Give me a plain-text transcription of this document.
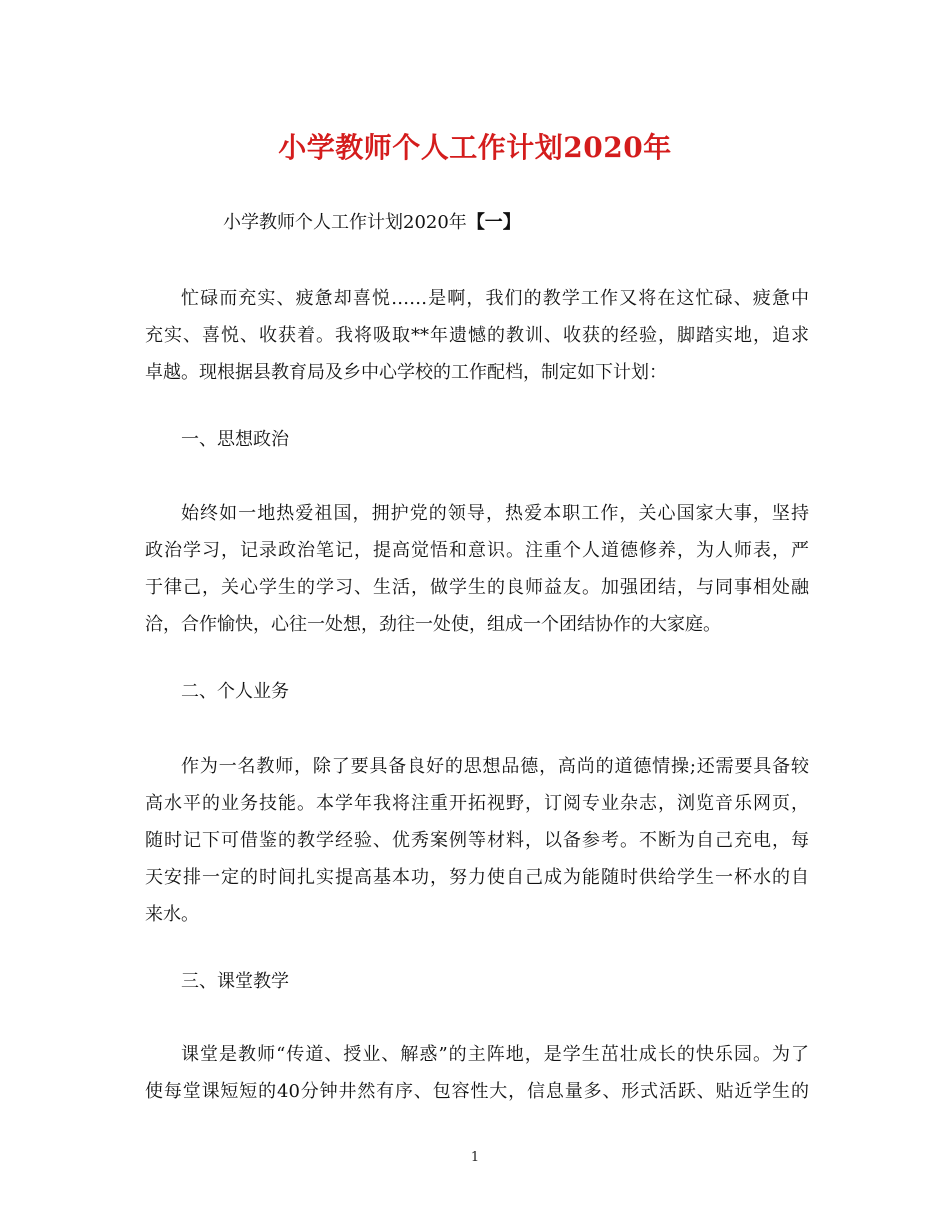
小学教师个人工作计划2020年
小学教师个人工作计划2020年【一】
忙碌而充实、疲惫却喜悦……是啊，我们的教学工作又将在这忙碌、疲惫中
充实、喜悦、收获着。我将吸取**年遗憾的教训、收获的经验，脚踏实地，追求
卓越。现根据县教育局及乡中心学校的工作配档，制定如下计划：
一、思想政治
始终如一地热爱祖国，拥护党的领导，热爱本职工作，关心国家大事，坚持
政治学习，记录政治笔记，提高觉悟和意识。注重个人道德修养，为人师表，严
于律己，关心学生的学习、生活，做学生的良师益友。加强团结，与同事相处融
洽，合作愉快，心往一处想，劲往一处使，组成一个团结协作的大家庭。
二、个人业务
作为一名教师，除了要具备良好的思想品德，高尚的道德情操;还需要具备较
高水平的业务技能。本学年我将注重开拓视野，订阅专业杂志，浏览音乐网页，
随时记下可借鉴的教学经验、优秀案例等材料，以备参考。不断为自己充电，每
天安排一定的时间扎实提高基本功，努力使自己成为能随时供给学生一杯水的自
来水。
三、课堂教学
课堂是教师“传道、授业、解惑”的主阵地，是学生茁壮成长的快乐园。为了
使每堂课短短的40分钟井然有序、包容性大，信息量多、形式活跃、贴近学生的
1
